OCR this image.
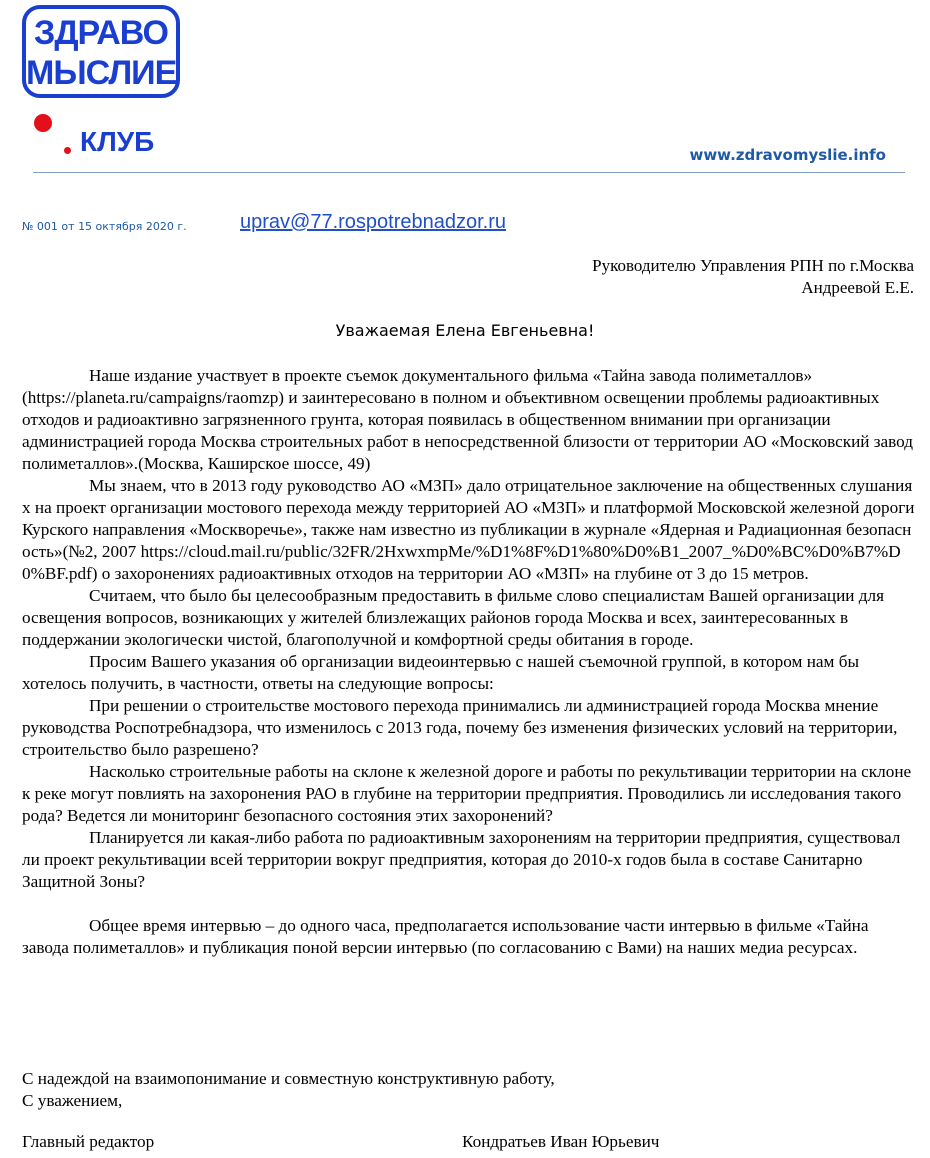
ЗДРАВО
МЫСЛИЕ
КЛУБ	www.zdravomyslie.info
№ 001 от 15 октября 2020 г.	uprav@77.rospotrebnadzor.ru
Руководителю Управления РПН по г.Москва
Андреевой Е.Е.
Уважаемая Елена Евгеньевна!

Наше издание участвует в проекте съемок документального фильма «Тайна завода полиметаллов» (https://planeta.ru/campaigns/raomzp) и заинтересовано в полном и объективном освещении проблемы радиоактивных отходов и радиоактивно загрязненного грунта, которая появилась в общественном внимании при организации администрацией города Москва строительных работ в непосредственной близости от территории АО «Московский завод полиметаллов».(Москва, Каширское шоссе, 49)

Мы знаем, что в 2013 году руководство АО «МЗП» дало отрицательное заключение на общественных слушаниях на проект организации мостового перехода между территорией АО «МЗП» и платформой Московской железной дороги Курского направления «Москворечье», также нам известно из публикации в журнале «Ядерная и Радиационная безопасность»(№2, 2007 https://cloud.mail.ru/public/32FR/2HxwxmpMe/%D1%8F%D1%80%D0%B1_2007_%D0%BC%D0%B7%D0%BF.pdf) о захоронениях радиоактивных отходов на территории АО «МЗП» на глубине от 3 до 15 метров.

Считаем, что было бы целесообразным предоставить в фильме слово специалистам Вашей организации для освещения вопросов, возникающих у жителей близлежащих районов города Москва и всех, заинтересованных в поддержании экологически чистой, благополучной и комфортной среды обитания в городе.

Просим Вашего указания об организации видеоинтервью с нашей съемочной группой, в котором нам бы хотелось получить, в частности, ответы на следующие вопросы:

При решении о строительстве мостового перехода принимались ли администрацией города Москва мнение руководства Роспотребнадзора, что изменилось с 2013 года, почему без изменения физических условий на территории, строительство было разрешено?

Насколько строительные работы на склоне к железной дороге и работы по рекультивации территории на склоне к реке могут повлиять на захоронения РАО в глубине на территории предприятия. Проводились ли исследования такого рода? Ведется ли мониторинг безопасного состояния этих захоронений?

Планируется ли какая-либо работа по радиоактивным захоронениям на территории предприятия, существовал ли проект рекультивации всей территории вокруг предприятия, которая до 2010-х годов была в составе Санитарно Защитной Зоны?

Общее время интервью – до одного часа, предполагается использование части интервью в фильме «Тайна завода полиметаллов» и публикация поной версии интервью (по согласованию с Вами) на наших медиа ресурсах.

С надеждой на взаимопонимание и совместную конструктивную работу,
С уважением,
Главный редактор	Кондратьев Иван Юрьевич
